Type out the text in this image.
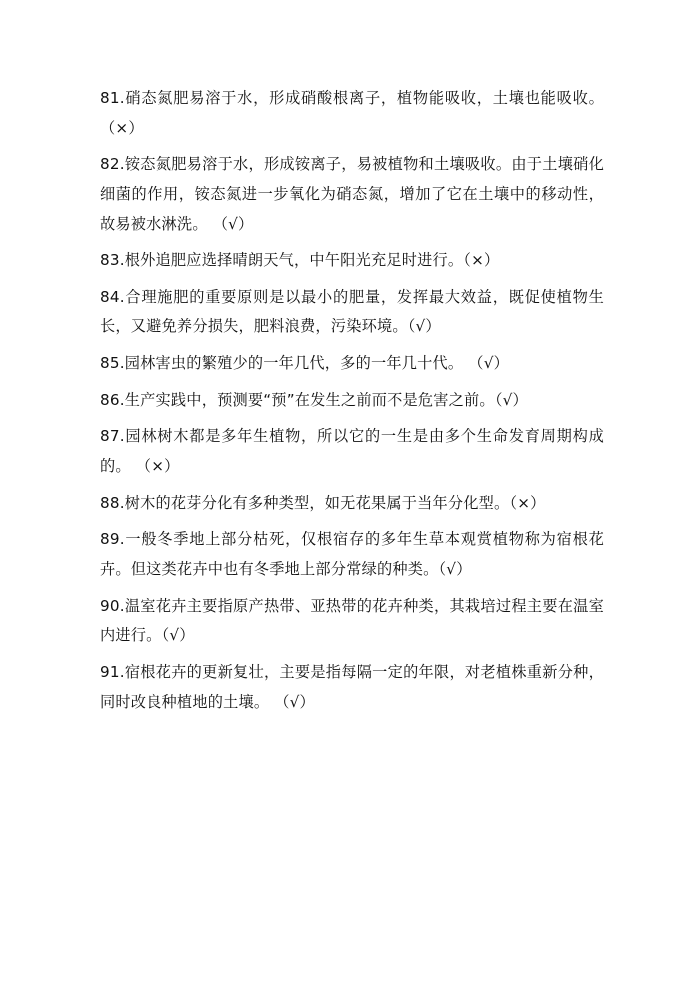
81.硝态氮肥易溶于水，形成硝酸根离子，植物能吸收，土壤也能吸收。（×）

82.铵态氮肥易溶于水，形成铵离子，易被植物和土壤吸收。由于土壤硝化细菌的作用，铵态氮进一步氧化为硝态氮，增加了它在土壤中的移动性，故易被水淋洗。 （√）

83.根外追肥应选择晴朗天气，中午阳光充足时进行。（×）

84.合理施肥的重要原则是以最小的肥量，发挥最大效益，既促使植物生长，又避免养分损失，肥料浪费，污染环境。（√）

85.园林害虫的繁殖少的一年几代，多的一年几十代。 （√）

86.生产实践中，预测要“预”在发生之前而不是危害之前。（√）

87.园林树木都是多年生植物，所以它的一生是由多个生命发育周期构成的。 （×）

88.树木的花芽分化有多种类型，如无花果属于当年分化型。（×）

89.一般冬季地上部分枯死，仅根宿存的多年生草本观赏植物称为宿根花卉。但这类花卉中也有冬季地上部分常绿的种类。（√）

90.温室花卉主要指原产热带、亚热带的花卉种类，其栽培过程主要在温室内进行。（√）

91.宿根花卉的更新复壮，主要是指每隔一定的年限，对老植株重新分种，同时改良种植地的土壤。 （√）
